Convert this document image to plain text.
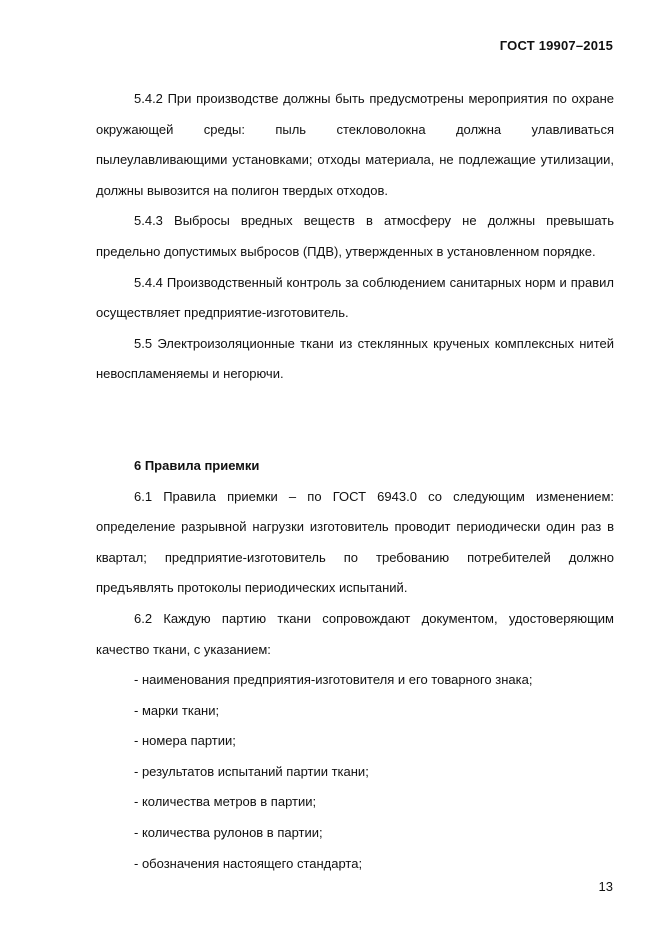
ГОСТ 19907–2015

5.4.2 При производстве должны быть предусмотрены мероприятия по охране окружающей среды: пыль стекловолокна должна улавливаться пылеулавливающими установками; отходы материала, не подлежащие утилизации, должны вывозится на полигон твердых отходов.

5.4.3 Выбросы вредных веществ в атмосферу не должны превышать предельно допустимых выбросов (ПДВ), утвержденных в установленном порядке.

5.4.4 Производственный контроль за соблюдением санитарных норм и правил осуществляет предприятие-изготовитель.

5.5 Электроизоляционные ткани из стеклянных крученых комплексных нитей невоспламеняемы и негорючи.

6 Правила приемки

6.1 Правила приемки – по ГОСТ 6943.0 со следующим изменением: определение разрывной нагрузки изготовитель проводит периодически один раз в квартал; предприятие-изготовитель по требованию потребителей должно предъявлять протоколы периодических испытаний.

6.2 Каждую партию ткани сопровождают документом, удостоверяющим качество ткани, с указанием:

- наименования предприятия-изготовителя и его товарного знака;

- марки ткани;

- номера партии;

- результатов испытаний партии ткани;

- количества метров в партии;

- количества рулонов в партии;

- обозначения настоящего стандарта;

13
